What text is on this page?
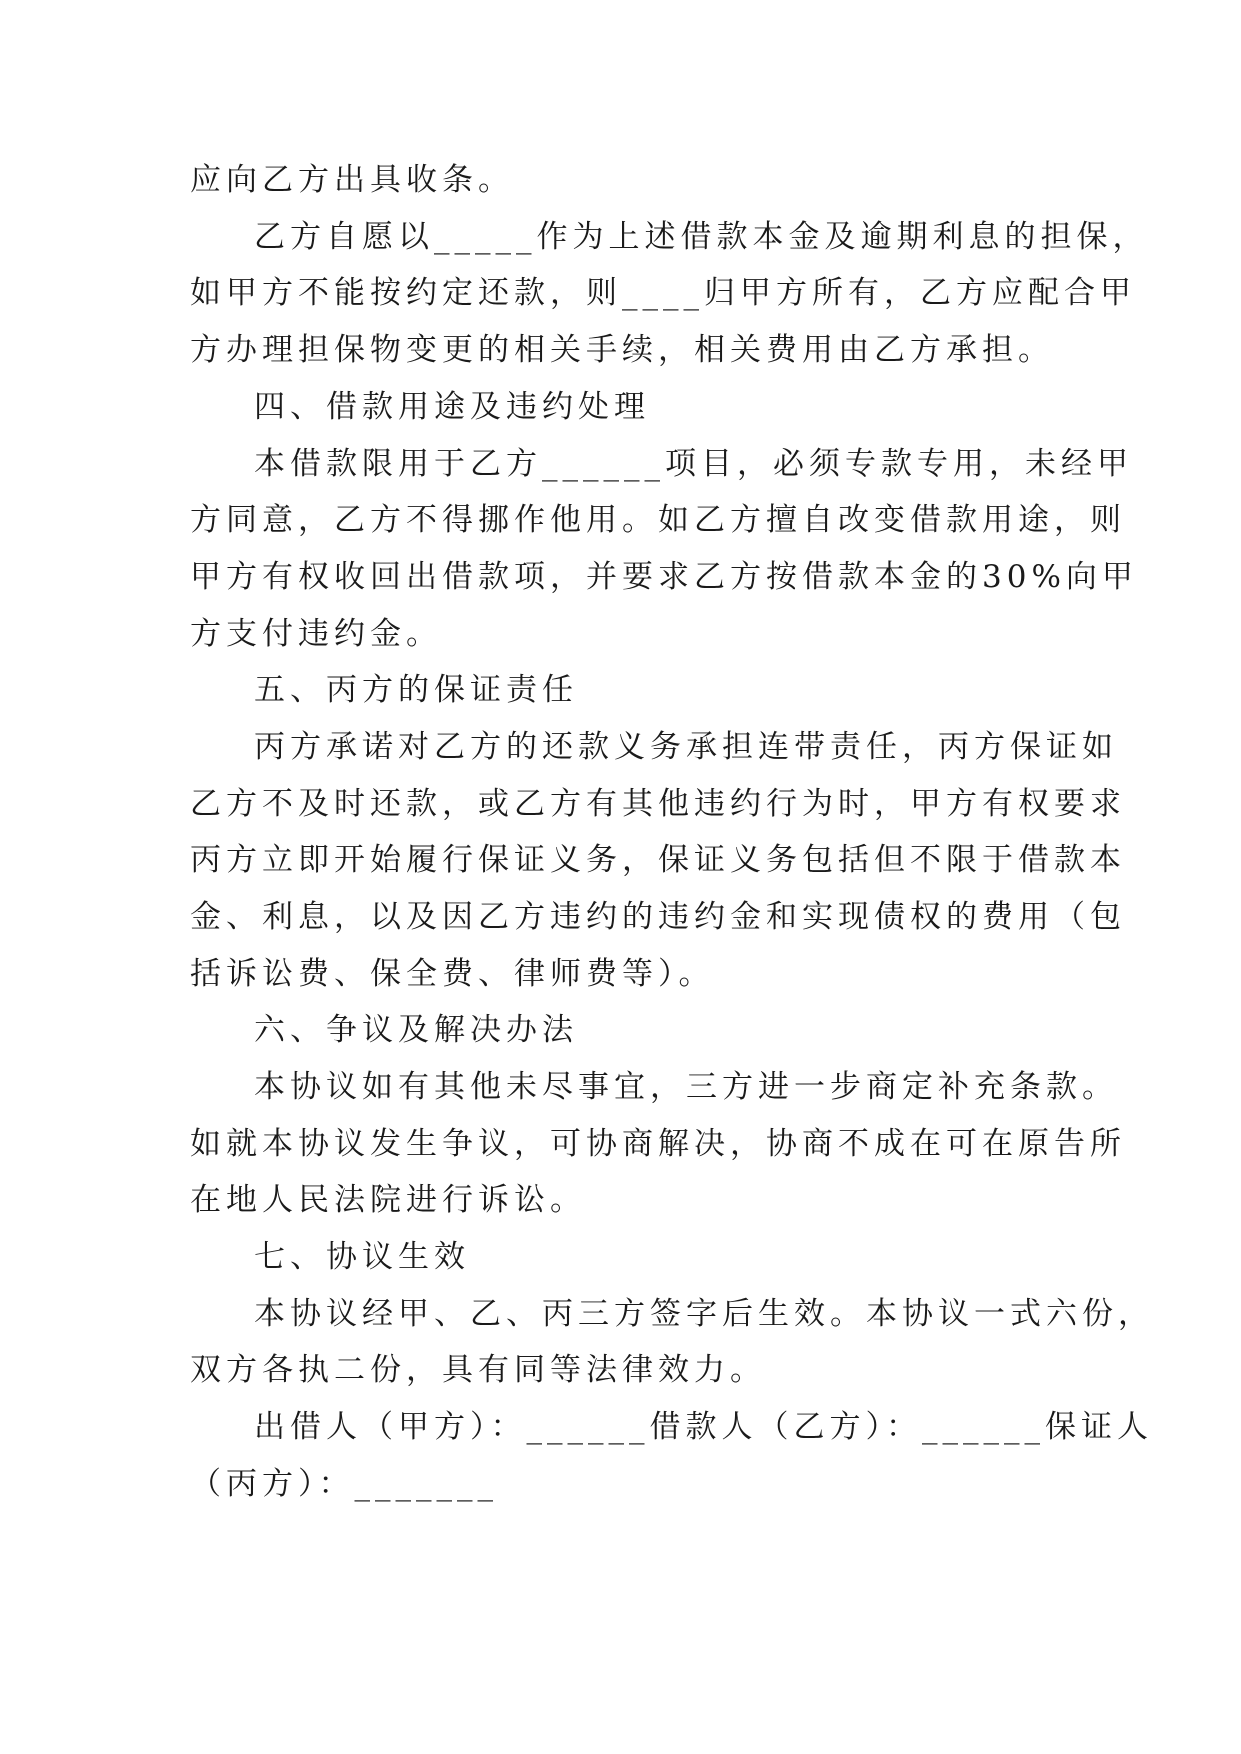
应向乙方出具收条。
乙方自愿以_____作为上述借款本金及逾期利息的担保，
如甲方不能按约定还款，则____归甲方所有，乙方应配合甲
方办理担保物变更的相关手续，相关费用由乙方承担。
四、借款用途及违约处理
本借款限用于乙方______项目，必须专款专用，未经甲
方同意，乙方不得挪作他用。如乙方擅自改变借款用途，则
甲方有权收回出借款项，并要求乙方按借款本金的30%向甲
方支付违约金。
五、丙方的保证责任
丙方承诺对乙方的还款义务承担连带责任，丙方保证如
乙方不及时还款，或乙方有其他违约行为时，甲方有权要求
丙方立即开始履行保证义务，保证义务包括但不限于借款本
金、利息，以及因乙方违约的违约金和实现债权的费用（包
括诉讼费、保全费、律师费等）。
六、争议及解决办法
本协议如有其他未尽事宜，三方进一步商定补充条款。
如就本协议发生争议，可协商解决，协商不成在可在原告所
在地人民法院进行诉讼。
七、协议生效
本协议经甲、乙、丙三方签字后生效。本协议一式六份，
双方各执二份，具有同等法律效力。
出借人（甲方）：______借款人（乙方）：______保证人
（丙方）：_______
